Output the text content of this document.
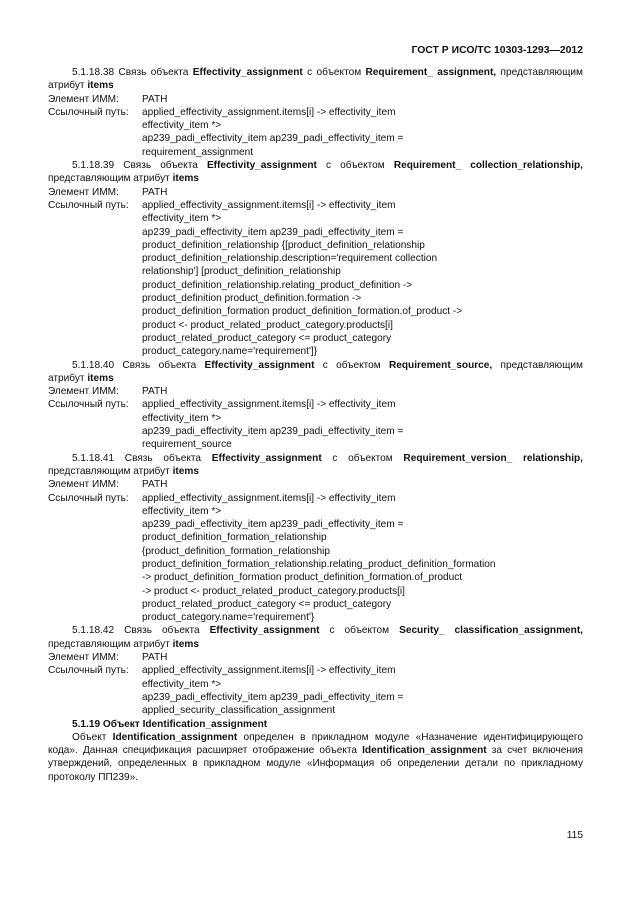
ГОСТ Р ИСО/ТС 10303-1293—2012
5.1.18.38 Связь объекта Effectivity_assignment с объектом Requirement_ assignment, представляющим атрибут items
Элемент ИММ:	PATH
Ссылочный путь:	applied_effectivity_assignment.items[i] -> effectivity_item
effectivity_item *>
ap239_padi_effectivity_item ap239_padi_effectivity_item =
requirement_assignment
5.1.18.39 Связь объекта Effectivity_assignment с объектом Requirement_ collection_relationship, представляющим атрибут items
Элемент ИММ:	PATH
Ссылочный путь:	applied_effectivity_assignment.items[i] -> effectivity_item
effectivity_item *>
ap239_padi_effectivity_item ap239_padi_effectivity_item =
product_definition_relationship {[product_definition_relationship
product_definition_relationship.description='requirement collection
relationship'] [product_definition_relationship
product_definition_relationship.relating_product_definition ->
product_definition product_definition.formation ->
product_definition_formation product_definition_formation.of_product ->
product <- product_related_product_category.products[i]
product_related_product_category <= product_category
product_category.name='requirement']}
5.1.18.40 Связь объекта Effectivity_assignment с объектом Requirement_source, представляющим атрибут items
Элемент ИММ:	PATH
Ссылочный путь:	applied_effectivity_assignment.items[i] -> effectivity_item
effectivity_item *>
ap239_padi_effectivity_item ap239_padi_effectivity_item =
requirement_source
5.1.18.41 Связь объекта Effectivity_assignment с объектом Requirement_version_ relationship, представляющим атрибут items
Элемент ИММ:	PATH
Ссылочный путь:	applied_effectivity_assignment.items[i] -> effectivity_item
effectivity_item *>
ap239_padi_effectivity_item ap239_padi_effectivity_item =
product_definition_formation_relationship
{product_definition_formation_relationship
product_definition_formation_relationship.relating_product_definition_formation
-> product_definition_formation product_definition_formation.of_product
-> product <- product_related_product_category.products[i]
product_related_product_category <= product_category
product_category.name='requirement'}
5.1.18.42 Связь объекта Effectivity_assignment с объектом Security_ classification_assignment, представляющим атрибут items
Элемент ИММ:	PATH
Ссылочный путь:	applied_effectivity_assignment.items[i] -> effectivity_item
effectivity_item *>
ap239_padi_effectivity_item ap239_padi_effectivity_item =
applied_security_classification_assignment
5.1.19 Объект Identification_assignment
Объект Identification_assignment определен в прикладном модуле «Назначение идентифицирующего кода». Данная спецификация расширяет отображение объекта Identification_assignment за счет включения утверждений, определенных в прикладном модуле «Информация об определении детали по прикладному протоколу ПП239».
115
